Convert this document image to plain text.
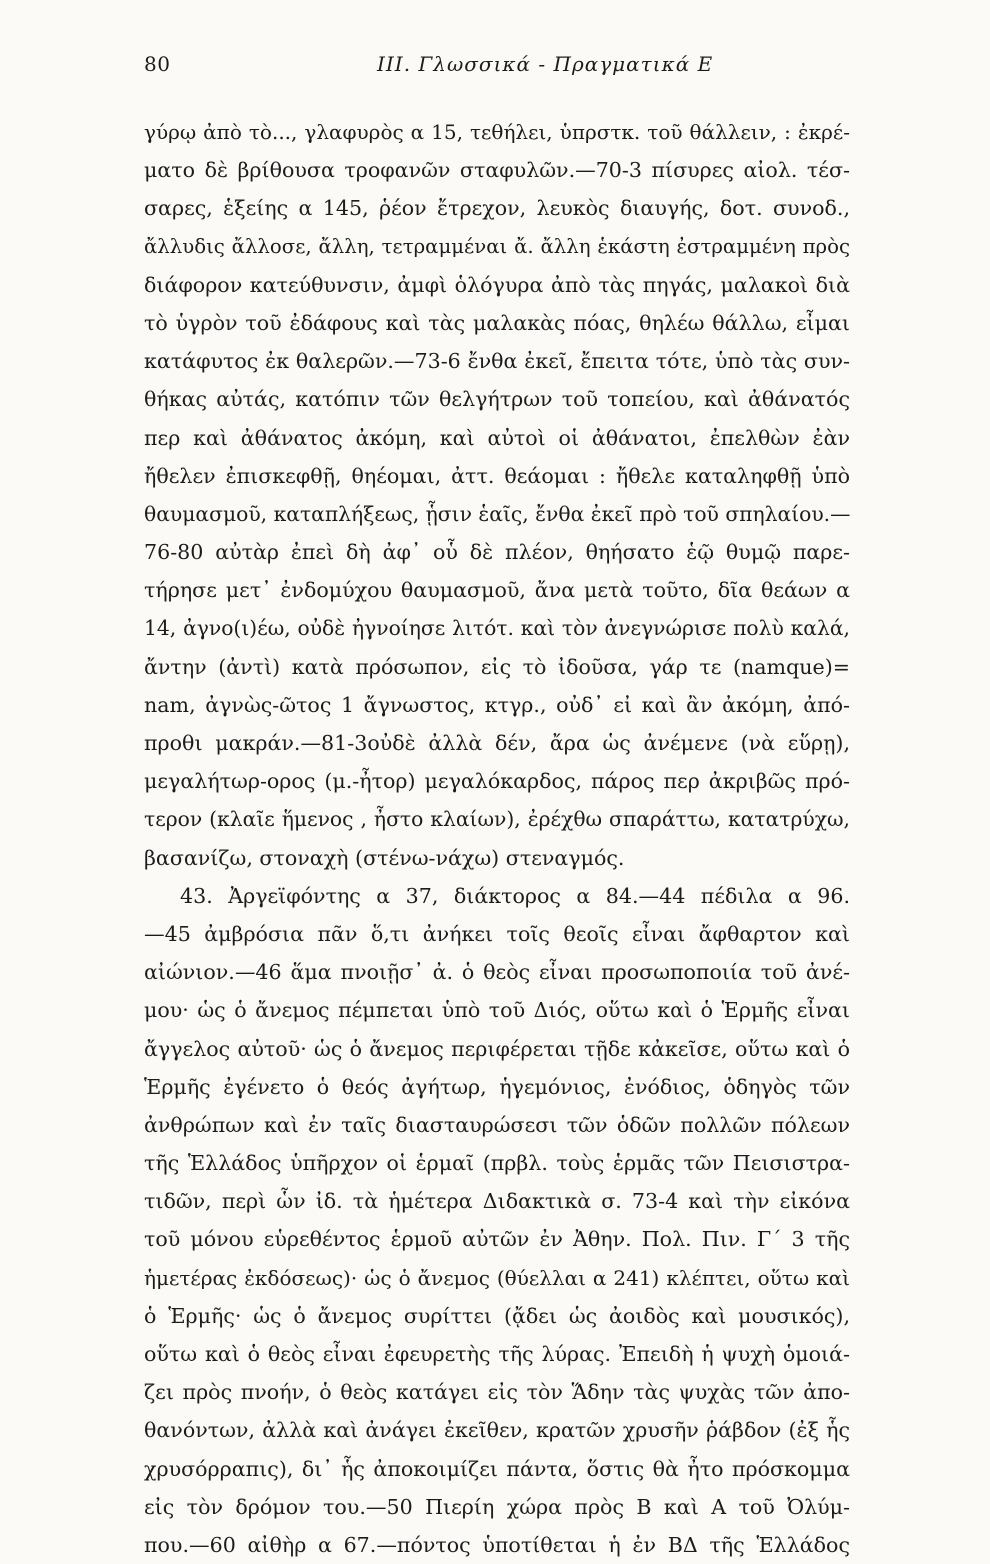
80	ΙΙΙ. Γλωσσικά - Πραγματικά Ε
γύρῳ ἀπὸ τὸ..., γλαφυρὸς α 15, τεθήλει, ὑπρστκ. τοῦ θάλλειν, : ἐκρέ-
ματο δὲ βρίθουσα τροφανῶν σταφυλῶν.—70-3 πίσυρες αἰολ. τέσ-
σαρες, ἑξείης α 145, ῥέον ἔτρεχον, λευκὸς διαυγής, δοτ. συνοδ.,
ἄλλυδις ἄλλοσε, ἄλλη, τετραμμέναι ἄ. ἄλλη ἑκάστη ἐστραμμένη πρὸς
διάφορον κατεύθυνσιν, ἀμφὶ ὁλόγυρα ἀπὸ τὰς πηγάς, μαλακοὶ διὰ
τὸ ὑγρὸν τοῦ ἐδάφους καὶ τὰς μαλακὰς πόας, θηλέω θάλλω, εἶμαι
κατάφυτος ἐκ θαλερῶν.—73-6 ἔνθα ἐκεῖ, ἔπειτα τότε, ὑπὸ τὰς συν-
θήκας αὐτάς, κατόπιν τῶν θελγήτρων τοῦ τοπείου, καὶ ἀθάνατός
περ καὶ ἀθάνατος ἀκόμη, καὶ αὐτοὶ οἱ ἀθάνατοι, ἐπελθὼν ἐὰν
ἤθελεν ἐπισκεφθῇ, θηέομαι, ἀττ. θεάομαι : ἤθελε καταληφθῇ ὑπὸ
θαυμασμοῦ, καταπλήξεως, ᾗσιν ἑαῖς, ἔνθα ἐκεῖ πρὸ τοῦ σπηλαίου.—
76-80 αὐτὰρ ἐπεὶ δὴ ἀφ᾽ οὗ δὲ πλέον, θηήσατο ἑῷ θυμῷ παρε-
τήρησε μετ᾽ ἐνδομύχου θαυμασμοῦ, ἄνα μετὰ τοῦτο, δῖα θεάων α
14, ἀγνο(ι)έω, οὐδὲ ἠγνοίησε λιτότ. καὶ τὸν ἀνεγνώρισε πολὺ καλά,
ἄντην (ἀντὶ) κατὰ πρόσωπον, εἰς τὸ ἰδοῦσα, γάρ τε (namque)=
nam, ἀγνὼς-ῶτος 1 ἄγνωστος, κτγρ., οὐδ᾽ εἰ καὶ ἂν ἀκόμη, ἀπό-
προθι μακράν.—81-3οὐδὲ ἀλλὰ δέν, ἄρα ὡς ἀνέμενε (νὰ εὕρῃ),
μεγαλήτωρ-ορος (μ.-ἦτορ) μεγαλόκαρδος, πάρος περ ἀκριβῶς πρό-
τερον (κλαῖε ἥμενος , ἦστο κλαίων), ἐρέχθω σπαράττω, κατατρύχω,
βασανίζω, στοναχὴ (στένω-νάχω) στεναγμός.
43. Ἀργεϊφόντης α 37, διάκτορος α 84.—44 πέδιλα α 96.
—45 ἀμβρόσια πᾶν ὅ,τι ἀνήκει τοῖς θεοῖς εἶναι ἄφθαρτον καὶ
αἰώνιον.—46 ἅμα πνοιῇσ᾽ ἀ. ὁ θεὸς εἶναι προσωποποιία τοῦ ἀνέ-
μου· ὡς ὁ ἄνεμος πέμπεται ὑπὸ τοῦ Διός, οὕτω καὶ ὁ Ἑρμῆς εἶναι
ἄγγελος αὐτοῦ· ὡς ὁ ἄνεμος περιφέρεται τῇδε κἀκεῖσε, οὕτω καὶ ὁ
Ἑρμῆς ἐγένετο ὁ θεός ἀγήτωρ, ἡγεμόνιος, ἐνόδιος, ὁδηγὸς τῶν
ἀνθρώπων καὶ ἐν ταῖς διασταυρώσεσι τῶν ὁδῶν πολλῶν πόλεων
τῆς Ἑλλάδος ὑπῆρχον οἱ ἑρμαῖ (πρβλ. τοὺς ἑρμᾶς τῶν Πεισιστρα-
τιδῶν, περὶ ὧν ἰδ. τὰ ἡμέτερα Διδακτικὰ σ. 73-4 καὶ τὴν εἰκόνα
τοῦ μόνου εὑρεθέντος ἑρμοῦ αὐτῶν ἐν Ἀθην. Πολ. Πιν. Γ΄ 3 τῆς
ἡμετέρας ἐκδόσεως)· ὡς ὁ ἄνεμος (θύελλαι α 241) κλέπτει, οὕτω καὶ
ὁ Ἑρμῆς· ὡς ὁ ἄνεμος συρίττει (ᾄδει ὡς ἀοιδὸς καὶ μουσικός),
οὕτω καὶ ὁ θεὸς εἶναι ἐφευρετὴς τῆς λύρας. Ἐπειδὴ ἡ ψυχὴ ὁμοιά-
ζει πρὸς πνοήν, ὁ θεὸς κατάγει εἰς τὸν Ἅδην τὰς ψυχὰς τῶν ἀπο-
θανόντων, ἀλλὰ καὶ ἀνάγει ἐκεῖθεν, κρατῶν χρυσῆν ῥάβδον (ἐξ ἧς
χρυσόρραπις), δι᾽ ἧς ἀποκοιμίζει πάντα, ὅστις θὰ ἦτο πρόσκομμα
εἰς τὸν δρόμον του.—50 Πιερίη χώρα πρὸς Β καὶ Α τοῦ Ὀλύμ-
που.—60 αἰθὴρ α 67.—πόντος ὑποτίθεται ἡ ἐν ΒΔ τῆς Ἑλλάδος
